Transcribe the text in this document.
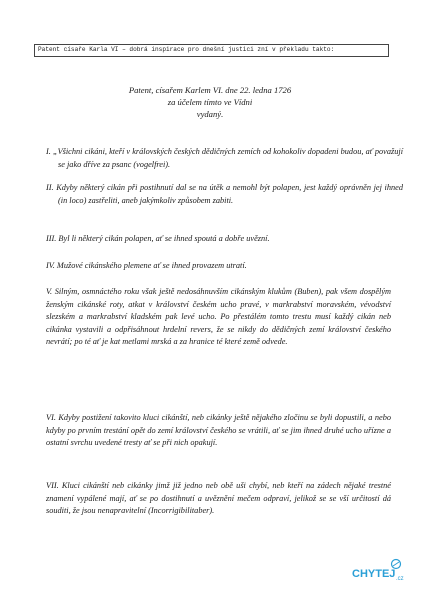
Patent císaře Karla VI – dobrá inspirace pro dnešní justici zní v překladu takto:
Patent, císařem Karlem VI. dne 22. ledna 1726
za účelem tímto ve Vídni
vydaný.
I. „Všichni cikáni, kteří v královských českých dědičných zemích od kohokoliv dopadeni budou, ať považují se jako dříve za psanc (vogelfrei).
II. Kdyby některý cikán při postihnutí dal se na útěk a nemohl být polapen, jest každý oprávněn jej ihned (in loco) zastřeliti, aneb jakýmkoliv způsobem zabiti.
III. Byl li některý cikán polapen, ať se ihned spoutá a dobře uvězní.
IV. Mužové cikánského plemene ať se ihned provazem utratí.
V. Silným, osmnáctého roku však ještě nedosáhnuvším cikánským klukům (Buben), pak všem dospělým ženským cikánské roty, atkat v království českém ucho pravé, v markrabství moravském, vévodství slezském a markrabství kladském pak levé ucho. Po přestálém tomto trestu musí každý cikán neb cikánka vystavili a odpřisáhnout hrdelní revers, že se nikdy do dědičných zemí království českého nevrátí; po té ať je kat metlami mrská a za hranice té které země odvede.
VI. Kdyby postižení takovito kluci cikánští, neb cikánky ještě nějakého zločinu se byli dopustili, a nebo kdyby po prvním trestání opět do zemí království českého se vrátili, ať se jim ihned druhé ucho uřízne a ostatní svrchu uvedené tresty ať se při nich opakují.
VII. Kluci cikánští neb cikánky jimž již jedno neb obě uši chybí, neb kteří na zádech nějaké trestné znamení vypálené mají, ať se po dostihnutí a uvěznění mečem odpraví, jelikož se se vší určitostí dá souditi, že jsou nenapravitelní (Incorrigibilitaber).
CHYTEJ .cz
